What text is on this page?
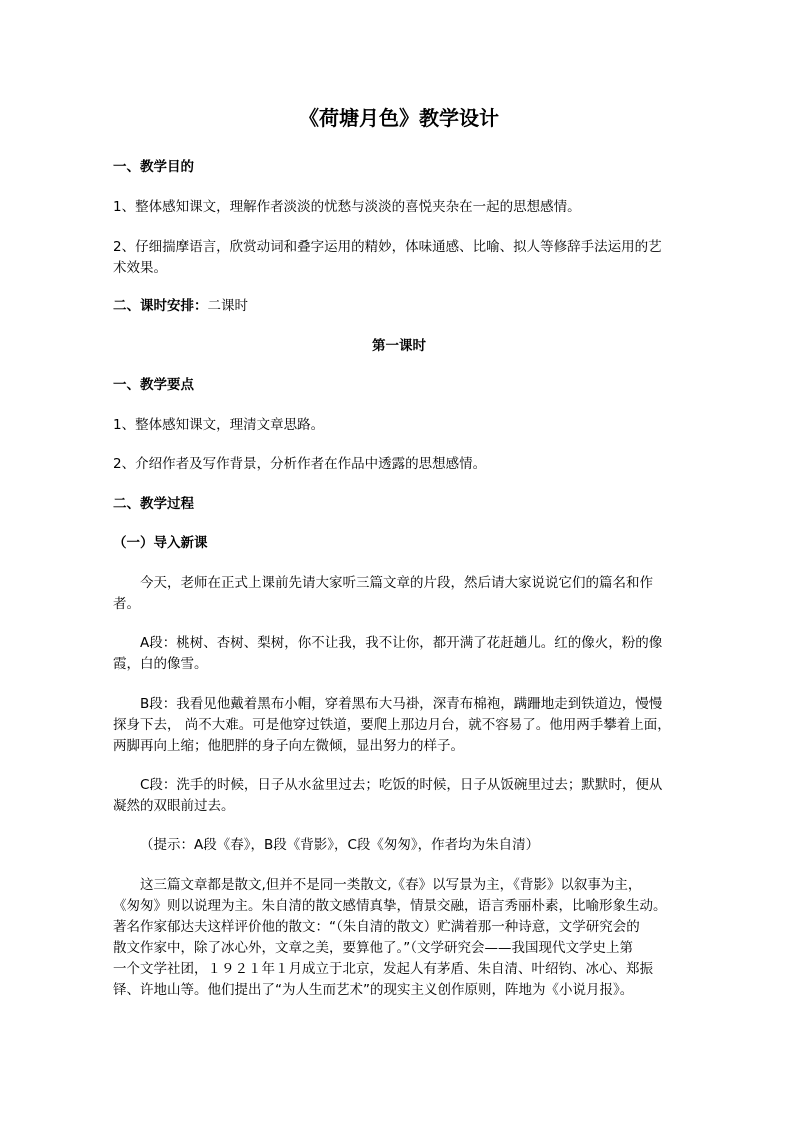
《荷塘月色》教学设计
一、教学目的
1、整体感知课文，理解作者淡淡的忧愁与淡淡的喜悦夹杂在一起的思想感情。
2、仔细揣摩语言，欣赏动词和叠字运用的精妙，体味通感、比喻、拟人等修辞手法运用的艺
术效果。
二、课时安排：二课时
第一课时
一、教学要点
1、整体感知课文，理清文章思路。
2、介绍作者及写作背景，分析作者在作品中透露的思想感情。
二、教学过程
（一）导入新课
今天，老师在正式上课前先请大家听三篇文章的片段，然后请大家说说它们的篇名和作
者。
A段：桃树、杏树、梨树，你不让我，我不让你，都开满了花赶趟儿。红的像火，粉的像
霞，白的像雪。
B段：我看见他戴着黑布小帽，穿着黑布大马褂，深青布棉袍，蹒跚地走到铁道边，慢慢
探身下去， 尚不大难。可是他穿过铁道，要爬上那边月台，就不容易了。他用两手攀着上面，
两脚再向上缩；他肥胖的身子向左微倾，显出努力的样子。
C段：洗手的时候，日子从水盆里过去；吃饭的时候，日子从饭碗里过去；默默时，便从
凝然的双眼前过去。
（提示：A段《春》，B段《背影》，C段《匆匆》，作者均为朱自清）
这三篇文章都是散文,但并不是同一类散文,《春》以写景为主，《背影》以叙事为主，
《匆匆》则以说理为主。朱自清的散文感情真挚，情景交融，语言秀丽朴素，比喻形象生动。
著名作家郁达夫这样评价他的散文：“（朱自清的散文）贮满着那一种诗意，文学研究会的
散文作家中，除了冰心外，文章之美，要算他了。”（文学研究会——我国现代文学史上第
一个文学社团，１９２１年１月成立于北京，发起人有茅盾、朱自清、叶绍钧、冰心、郑振
铎、许地山等。他们提出了“为人生而艺术”的现实主义创作原则，阵地为《小说月报》。
